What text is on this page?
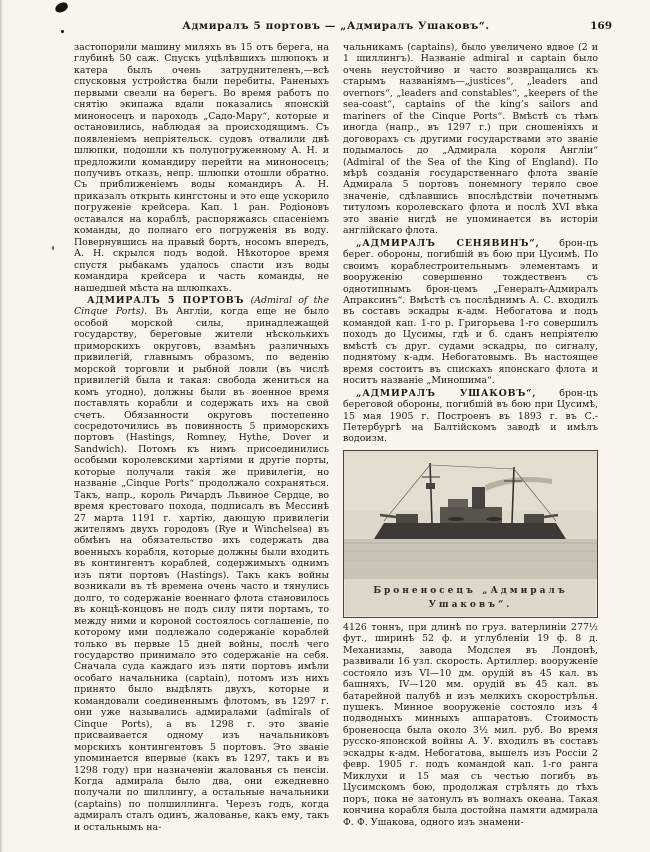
Адмиралъ 5 портовъ — „Адмиралъ Ушаковъ“.	169

застопорили машину миляхъ въ 15 отъ берега, на глубинѣ 50 саж. Спускъ уцѣлѣвшихъ шлюпокъ и катера былъ очень затруднителенъ,—всѣ спусковыя устройства были перебиты. Раненыхъ первыми свезли на берегъ. Во время работъ по снятію экипажа вдали показались японскій миноносецъ и пароходъ „Садо-Мару“, которые и остановились, наблюдая за происходящимъ. Съ появленіемъ непріятельск. судовъ отвалили двѣ шлюпки, подошли къ полупогруженному А. Н. и предложили командиру перейти на миноносецъ; получивъ отказъ, непр. шлюпки отошли обратно. Съ приближеніемъ воды командиръ А. Н. приказалъ открыть кингстоны и это еще ускорило погруженіе крейсера. Кап. 1 ран. Родіоновъ оставался на кораблѣ, распоряжаясь спасеніемъ команды, до полнаго его погруженія въ воду. Повернувшись на правый бортъ, носомъ впередъ, А. Н. скрылся подъ водой. Нѣкоторое время спустя рыбакамъ удалось спасти изъ воды командира крейсера и часть команды, не нашедшей мѣста на шлюпкахъ.

АДМИРАЛЪ 5 ПОРТОВЪ (Admiral of the Cinque Ports). Въ Англіи, когда еще не было особой морской силы, принадлежащей государству, береговые жители нѣсколькихъ приморскихъ округовъ, взамѣнъ различныхъ привилегій, главнымъ образомъ, по веденію морской торговли и рыбной ловли (въ числѣ привилегій была и такая: свобода жениться на комъ угодно), должны были въ военное время поставлять корабли и содержать ихъ на свой счетъ. Обязанности округовъ постепенно сосредоточились въ повинность 5 приморскихъ портовъ (Hastings, Romney, Hythe, Dover и Sandwich). Потомъ къ нимъ присоединились особыми королевскими хартіями и другіе порты, которые получали такія же привилегіи, но названіе „Cinque Ports“ продолжало сохраняться. Такъ, напр., король Ричардъ Львиное Сердце, во время крестоваго похода, подписалъ въ Мессинѣ 27 марта 1191 г. хартію, дающую привилегіи жителямъ двухъ городовъ (Rye и Winchelsea) въ обмѣнъ на обязательство ихъ содержать два военныхъ корабля, которые должны были входить въ контингентъ кораблей, содержимыхъ однимъ изъ пяти портовъ (Hastings). Такъ какъ войны возникали въ тѣ времена очень часто и тянулись долго, то содержаніе военнаго флота становилось въ концѣ-концовъ не подъ силу пяти портамъ, то между ними и короной состоялось соглашеніе, по которому ими подлежало содержаніе кораблей только въ первые 15 дней войны, послѣ чего государство принимало это содержаніе на себя. Сначала суда каждаго изъ пяти портовъ имѣли особаго начальника (captain), потомъ изъ нихъ принято было выдѣлять двухъ, которые и командовали соединеннымъ флотомъ, въ 1297 г. они уже назывались адмиралами (admirals of Cinque Ports), а въ 1298 г. это званіе присваивается одному изъ начальниковъ морскихъ контингентовъ 5 портовъ. Это званіе упоминается впервые (какъ въ 1297, такъ и въ 1298 году) при назначеніи жалованья съ пенсіи. Когда адмирала было два, они ежедневно получали по шиллингу, а остальные начальники (captains) по полшиллинга. Черезъ годъ, когда адмиралъ сталъ одинъ, жалованье, какъ ему, такъ и остальнымъ на-

чальникамъ (captains), было увеличено вдвое (2 и 1 шиллингъ). Названіе admiral и captain было очень неустойчиво и часто возвращались къ старымъ названіямъ—„justices“, „leaders and overnors“, „leaders and constables“, „keepers of the sea-coast“, captains of the king’s sailors and mariners of the Cinque Ports“. Вмѣстѣ съ тѣмъ иногда (напр., въ 1297 г.) при сношеніяхъ и договорахъ съ другими государствами это званіе подымалось до „Адмирала короля Англіи“ (Admiral of the Sea of the King of England). По мѣрѣ созданія государственнаго флота званіе Адмирала 5 портовъ понемногу теряло свое значеніе, сдѣлавшись впослѣдствіи почетнымъ титуломъ королевскаго флота и послѣ XVI вѣка это званіе нигдѣ не упоминается въ исторіи англійскаго флота.

„АДМИРАЛЪ СЕНЯВИНЪ“, брон-цъ берег. обороны, погибшій въ бою при Цусимѣ. По своимъ кораблестроительнымъ элементамъ и вооруженію совершенно тождественъ съ однотипнымъ брон-цемъ „Генералъ-Адмиралъ Апраксинъ“. Вмѣстѣ съ послѣднимъ А. С. входилъ въ составъ эскадры к-адм. Небогатова и подъ командой кап. 1-го р. Григорьева 1-го совершилъ походъ до Цусимы, гдѣ и б. сданъ непріятелю вмѣстѣ съ друг. судами эскадры, по сигналу, поднятому к-адм. Небогатовымъ. Въ настоящее время состоитъ въ спискахъ японскаго флота и носитъ названіе „Миношима“.

„АДМИРАЛЪ УШАКОВЪ“, брон-цъ береговой обороны, погибшій въ бою при Цусимѣ, 15 мая 1905 г. Построенъ въ 1893 г. въ С.-Петербургѣ на Балтійскомъ заводѣ и имѣлъ водоизм.

Броненосецъ „Адмиралъ
Ушаковъ“.

4126 тоннъ, при длинѣ по груз. ватерлиніи 277½ фут., ширинѣ 52 ф. и углубленіи 19 ф. 8 д. Механизмы, завода Модслея въ Лондонѣ, развивали 16 узл. скорость. Артиллер. вооруженіе состояло изъ VI—10 дм. орудій въ 45 кал. въ башняхъ, IV—120 мм. орудій въ 45 кал. въ батарейной палубѣ и изъ мелкихъ скорострѣльн. пушекъ. Минное вооруженіе состояло изъ 4 подводныхъ минныхъ аппаратовъ. Стоимость броненосца была около 3½ мил. руб. Во время русско-японской войны А. У. входилъ въ составъ эскадры к-адм. Небогатова, вышелъ изъ Россіи 2 февр. 1905 г. подъ командой кап. 1-го ранга Миклухи и 15 мая съ честью погибъ въ Цусимскомъ бою, продолжая стрѣлять до тѣхъ поръ, пока не затонулъ въ волнахъ океана. Такая кончина корабля была достойна памяти адмирала Ф. Ф. Ушакова, одного изъ знамени-
